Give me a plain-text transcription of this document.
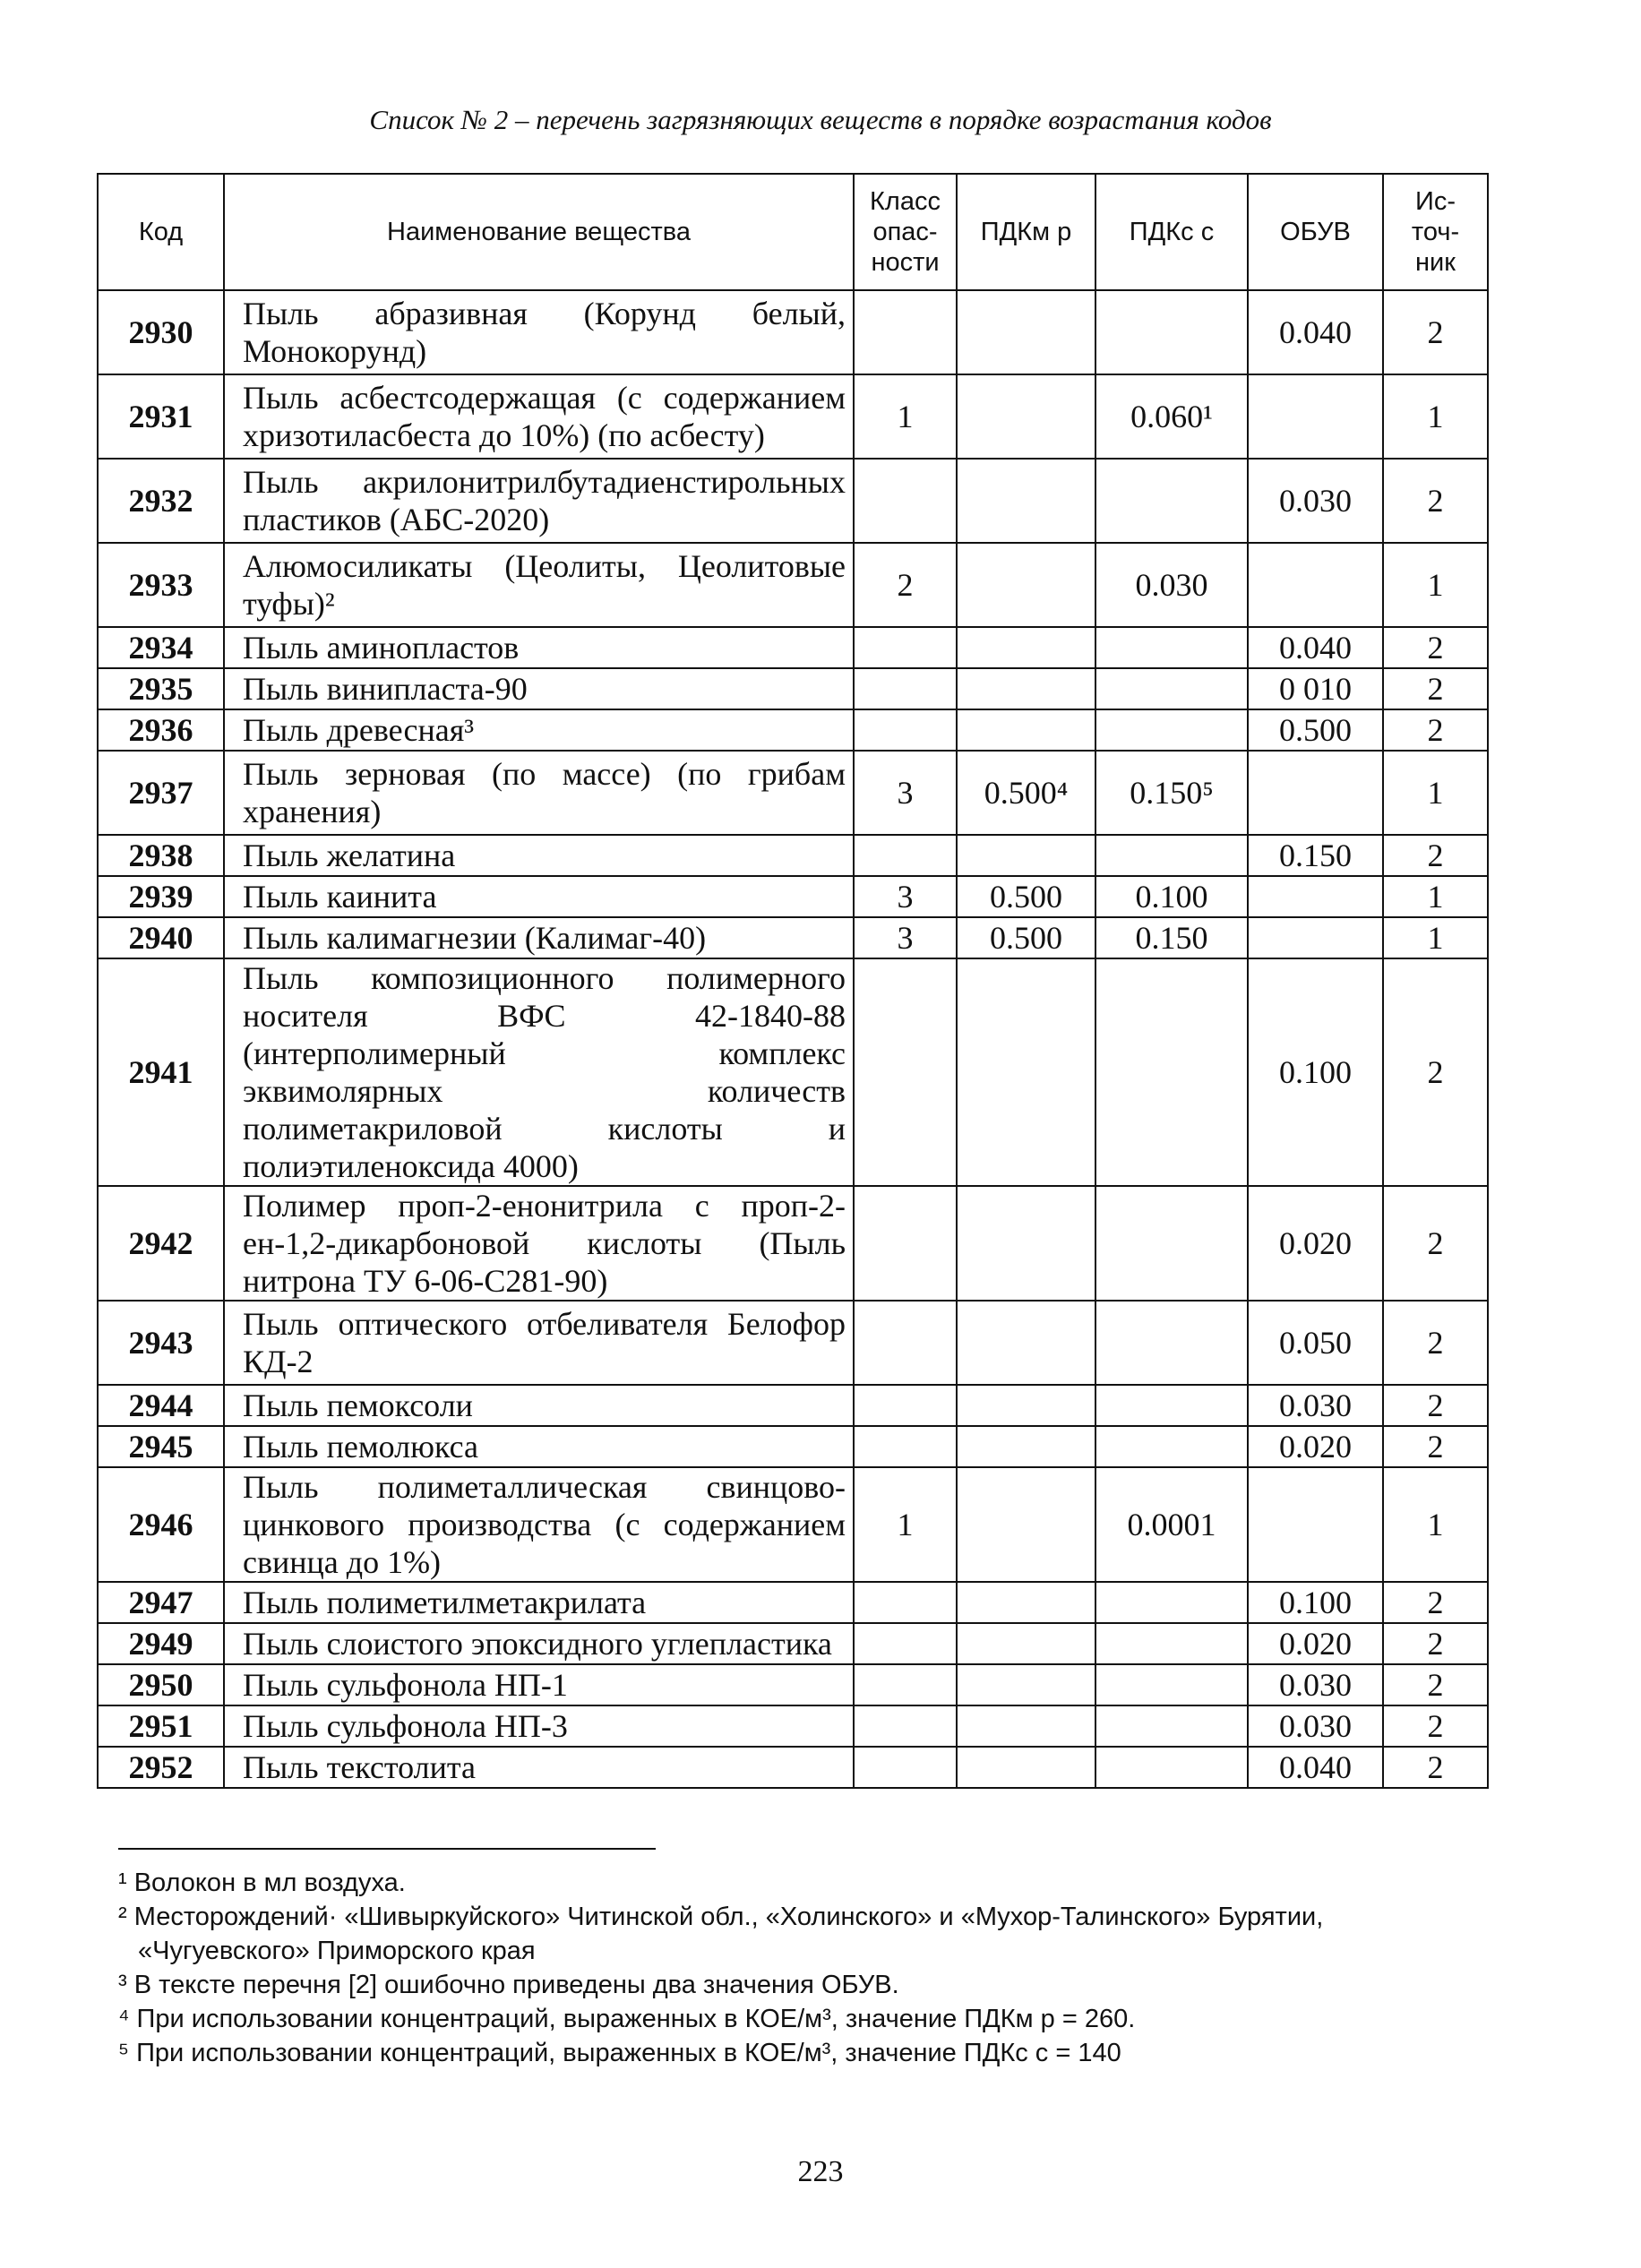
Список № 2 – перечень загрязняющих веществ в порядке возрастания кодов
Код	Наименование вещества	Класс опас- ности	ПДКм р	ПДКс с	ОБУВ	Ис- точ- ник
2930	Пыль абразивная (Корунд белый, Монокорунд)				0.040	2
2931	Пыль асбестсодержащая (с содержанием хризотиласбеста до 10%) (по асбесту)	1		0.060¹		1
2932	Пыль акрилонитрилбутадиенстирольных пластиков (АБС-2020)				0.030	2
2933	Алюмосиликаты (Цеолиты, Цеолитовые туфы)²	2		0.030		1
2934	Пыль аминопластов				0.040	2
2935	Пыль винипласта-90				0 010	2
2936	Пыль древесная³				0.500	2
2937	Пыль зерновая (по массе) (по грибам хранения)	3	0.500⁴	0.150⁵		1
2938	Пыль желатина				0.150	2
2939	Пыль каинита	3	0.500	0.100		1
2940	Пыль калимагнезии (Калимаг-40)	3	0.500	0.150		1
2941	Пыль композиционного полимерного носителя ВФС 42-1840-88 (интерполимерный комплекс эквимолярных количеств полиметакриловой кислоты и полиэтиленоксида 4000)				0.100	2
2942	Полимер проп-2-енонитрила с проп-2-ен-1,2-дикарбоновой кислоты (Пыль нитрона ТУ 6-06-С281-90)				0.020	2
2943	Пыль оптического отбеливателя Белофор КД-2				0.050	2
2944	Пыль пемоксоли				0.030	2
2945	Пыль пемолюкса				0.020	2
2946	Пыль полиметаллическая свинцово-цинкового производства (с содержанием свинца до 1%)	1		0.0001		1
2947	Пыль полиметилметакрилата				0.100	2
2949	Пыль слоистого эпоксидного углепластика				0.020	2
2950	Пыль сульфонола НП-1				0.030	2
2951	Пыль сульфонола НП-3				0.030	2
2952	Пыль текстолита				0.040	2

¹ Волокон в мл воздуха.

² Месторождений· «Шивыркуйского» Читинской обл., «Холинского» и «Мухор-Талинского» Бурятии,

«Чугуевского» Приморского края

³ В тексте перечня [2] ошибочно приведены два значения ОБУВ.

⁴ При использовании концентраций, выраженных в КОЕ/м³, значение ПДКм р = 260.

⁵ При использовании концентраций, выраженных в КОЕ/м³, значение ПДКс с = 140

223
